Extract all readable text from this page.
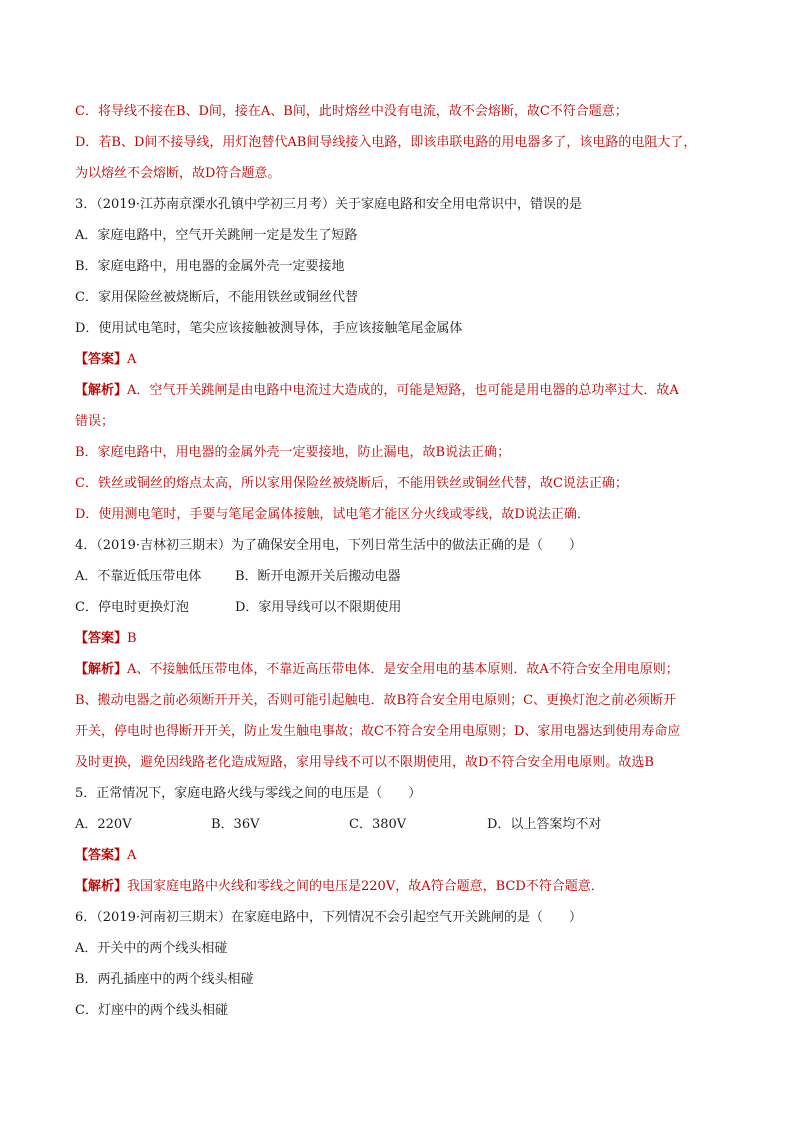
C．将导线不接在B、D间，接在A、B间，此时熔丝中没有电流，故不会熔断，故C不符合题意；
D．若B、D间不接导线，用灯泡替代AB间导线接入电路，即该串联电路的用电器多了，该电路的电阻大了，
为以熔丝不会熔断，故D符合题意。
3．（2019·江苏南京溧水孔镇中学初三月考）关于家庭电路和安全用电常识中，错误的是
A．家庭电路中，空气开关跳闸一定是发生了短路
B．家庭电路中，用电器的金属外壳一定要接地
C．家用保险丝被烧断后，不能用铁丝或铜丝代替
D．使用试电笔时，笔尖应该接触被测导体，手应该接触笔尾金属体
【答案】A
【解析】A．空气开关跳闸是由电路中电流过大造成的，可能是短路，也可能是用电器的总功率过大．故A
错误；
B．家庭电路中，用电器的金属外壳一定要接地，防止漏电，故B说法正确；
C．铁丝或铜丝的熔点太高，所以家用保险丝被烧断后，不能用铁丝或铜丝代替，故C说法正确；
D．使用测电笔时，手要与笔尾金属体接触，试电笔才能区分火线或零线，故D说法正确．
4．（2019·吉林初三期末）为了确保安全用电，下列日常生活中的做法正确的是（　　）
A．不靠近低压带电体	B．断开电源开关后搬动电器
C．停电时更换灯泡	D．家用导线可以不限期使用
【答案】B
【解析】A、不接触低压带电体，不靠近高压带电体．是安全用电的基本原则．故A不符合安全用电原则；
B、搬动电器之前必须断开开关，否则可能引起触电．故B符合安全用电原则；C、更换灯泡之前必须断开
开关，停电时也得断开开关，防止发生触电事故；故C不符合安全用电原则；D、家用电器达到使用寿命应
及时更换，避免因线路老化造成短路，家用导线不可以不限期使用，故D不符合安全用电原则。故选B
5．正常情况下，家庭电路火线与零线之间的电压是（　　）
A．220V	B．36V	C．380V	D．以上答案均不对
【答案】A
【解析】我国家庭电路中火线和零线之间的电压是220V，故A符合题意，BCD不符合题意．
6．（2019·河南初三期末）在家庭电路中，下列情况不会引起空气开关跳闸的是（　　）
A．开关中的两个线头相碰
B．两孔插座中的两个线头相碰
C．灯座中的两个线头相碰
